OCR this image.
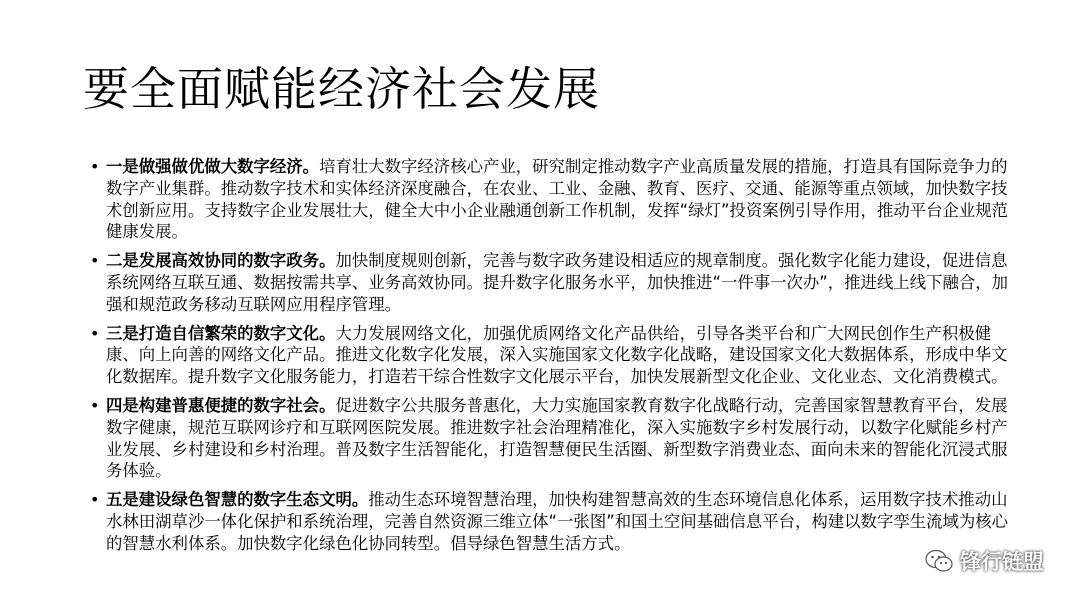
要全面赋能经济社会发展
• 一是做强做优做大数字经济。培育壮大数字经济核心产业，研究制定推动数字产业高质量发展的措施，打造具有国际竞争力的数字产业集群。推动数字技术和实体经济深度融合，在农业、工业、金融、教育、医疗、交通、能源等重点领域，加快数字技术创新应用。支持数字企业发展壮大，健全大中小企业融通创新工作机制，发挥“绿灯”投资案例引导作用，推动平台企业规范健康发展。
• 二是发展高效协同的数字政务。加快制度规则创新，完善与数字政务建设相适应的规章制度。强化数字化能力建设，促进信息系统网络互联互通、数据按需共享、业务高效协同。提升数字化服务水平，加快推进“一件事一次办”，推进线上线下融合，加强和规范政务移动互联网应用程序管理。
• 三是打造自信繁荣的数字文化。大力发展网络文化，加强优质网络文化产品供给，引导各类平台和广大网民创作生产积极健康、向上向善的网络文化产品。推进文化数字化发展，深入实施国家文化数字化战略，建设国家文化大数据体系，形成中华文化数据库。提升数字文化服务能力，打造若干综合性数字文化展示平台，加快发展新型文化企业、文化业态、文化消费模式。
• 四是构建普惠便捷的数字社会。促进数字公共服务普惠化，大力实施国家教育数字化战略行动，完善国家智慧教育平台，发展数字健康，规范互联网诊疗和互联网医院发展。推进数字社会治理精准化，深入实施数字乡村发展行动，以数字化赋能乡村产业发展、乡村建设和乡村治理。普及数字生活智能化，打造智慧便民生活圈、新型数字消费业态、面向未来的智能化沉浸式服务体验。
• 五是建设绿色智慧的数字生态文明。推动生态环境智慧治理，加快构建智慧高效的生态环境信息化体系，运用数字技术推动山水林田湖草沙一体化保护和系统治理，完善自然资源三维立体“一张图”和国土空间基础信息平台，构建以数字孪生流域为核心的智慧水利体系。加快数字化绿色化协同转型。倡导绿色智慧生活方式。
锋行链盟
